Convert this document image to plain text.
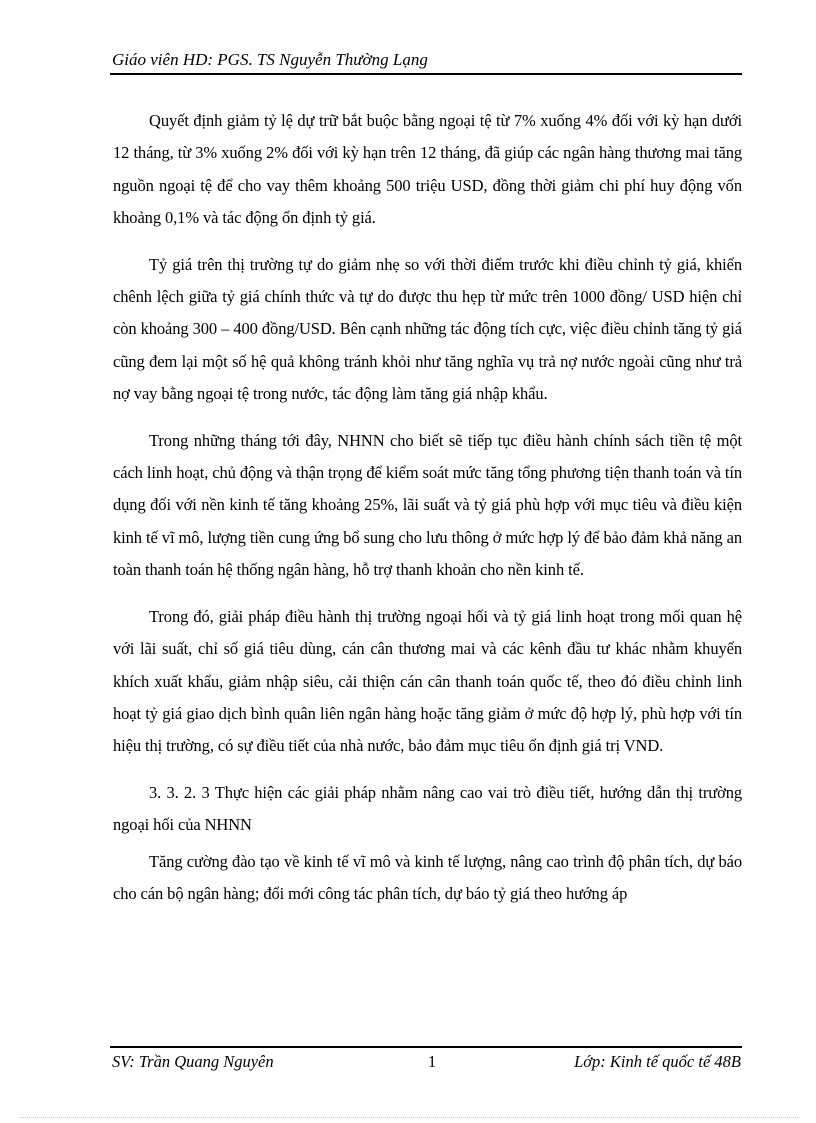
Giáo viên HD: PGS. TS Nguyễn Thường Lạng

Quyết định giảm tỷ lệ dự trữ bắt buộc bằng ngoại tệ từ 7% xuống 4% đối với kỳ hạn dưới 12 tháng, từ 3% xuống 2% đối với kỳ hạn trên 12 tháng, đã giúp các ngân hàng thương mai tăng nguồn ngoại tệ để cho vay thêm khoảng 500 triệu USD, đồng thời giảm chi phí huy động vốn khoảng 0,1% và tác động ổn định tỷ giá.

Tỷ giá trên thị trường tự do giảm nhẹ so với thời điểm trước khi điều chỉnh tỷ giá, khiến chênh lệch giữa tỷ giá chính thức và tự do được thu hẹp từ mức trên 1000 đồng/ USD hiện chỉ còn khoảng 300 – 400 đồng/USD. Bên cạnh những tác động tích cực, việc điều chỉnh tăng tỷ giá cũng đem lại một số hệ quả không tránh khỏi như tăng nghĩa vụ trả nợ nước ngoài cũng như trả nợ vay bằng ngoại tệ trong nước, tác động làm tăng giá nhập khẩu.

Trong những tháng tới đây, NHNN cho biết sẽ tiếp tục điều hành chính sách tiền tệ một cách linh hoạt, chủ động và thận trọng để kiểm soát mức tăng tổng phương tiện thanh toán và tín dụng đối với nền kinh tế tăng khoảng 25%, lãi suất và tỷ giá phù hợp với mục tiêu và điều kiện kinh tế vĩ mô, lượng tiền cung ứng bổ sung cho lưu thông ở mức hợp lý để bảo đảm khả năng an toàn thanh toán hệ thống ngân hàng, hỗ trợ thanh khoản cho nền kinh tế.

Trong đó, giải pháp điều hành thị trường ngoại hối và tỷ giá linh hoạt trong mối quan hệ với lãi suất, chỉ số giá tiêu dùng, cán cân thương mai và các kênh đầu tư khác nhằm khuyến khích xuất khẩu, giảm nhập siêu, cải thiện cán cân thanh toán quốc tế, theo đó điều chỉnh linh hoạt tỷ giá giao dịch bình quân liên ngân hàng hoặc tăng giảm ở mức độ hợp lý, phù hợp với tín hiệu thị trường, có sự điều tiết của nhà nước, bảo đảm mục tiêu ổn định giá trị VND.

3. 3. 2. 3 Thực hiện các giải pháp nhằm nâng cao vai trò điều tiết, hướng dẫn thị trường ngoại hối của NHNN

Tăng cường đào tạo về kinh tế vĩ mô và kinh tế lượng, nâng cao trình độ phân tích, dự báo cho cán bộ ngân hàng; đổi mới công tác phân tích, dự báo tỷ giá theo hướng áp

SV: Trần Quang Nguyên	1	Lớp: Kinh tế quốc tế 48B
